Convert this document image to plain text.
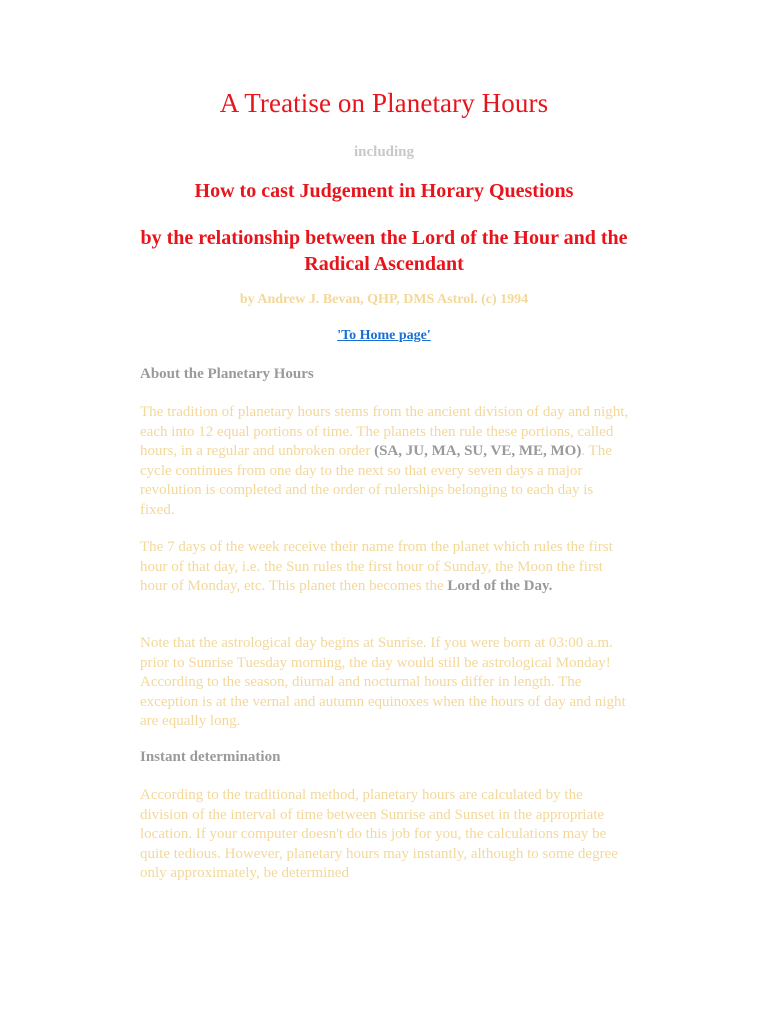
A Treatise on Planetary Hours
including
How to cast Judgement in Horary Questions
by the relationship between the Lord of the Hour and the Radical Ascendant
by Andrew J. Bevan, QHP, DMS Astrol. (c) 1994
'To Home page'
About the Planetary Hours
The tradition of planetary hours stems from the ancient division of day and night, each into 12 equal portions of time. The planets then rule these portions, called hours, in a regular and unbroken order (SA, JU, MA, SU, VE, ME, MO). The cycle continues from one day to the next so that every seven days a major revolution is completed and the order of rulerships belonging to each day is fixed.
The 7 days of the week receive their name from the planet which rules the first hour of that day, i.e. the Sun rules the first hour of Sunday, the Moon the first hour of Monday, etc. This planet then becomes the Lord of the Day.
Note that the astrological day begins at Sunrise. If you were born at 03:00 a.m. prior to Sunrise Tuesday morning, the day would still be astrological Monday! According to the season, diurnal and nocturnal hours differ in length. The exception is at the vernal and autumn equinoxes when the hours of day and night are equally long.
Instant determination
According to the traditional method, planetary hours are calculated by the division of the interval of time between Sunrise and Sunset in the appropriate location. If your computer doesn't do this job for you, the calculations may be quite tedious. However, planetary hours may instantly, although to some degree only approximately, be determined
